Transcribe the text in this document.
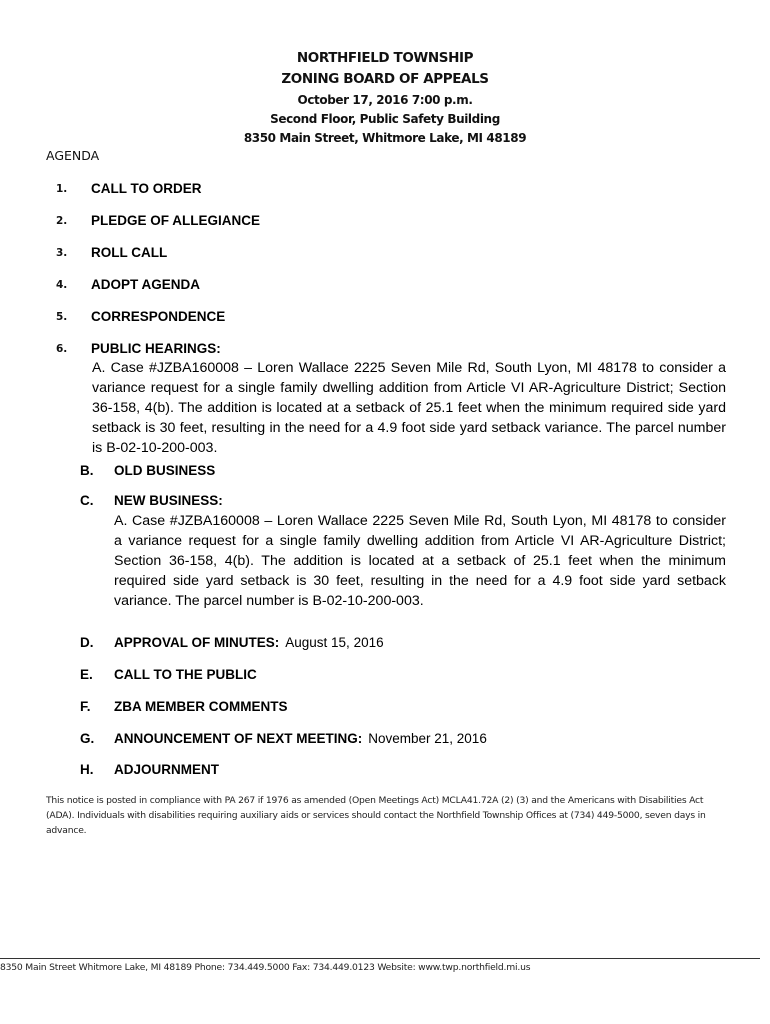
NORTHFIELD TOWNSHIP
ZONING BOARD OF APPEALS
October 17, 2016 7:00 p.m.
Second Floor, Public Safety Building
8350 Main Street, Whitmore Lake, MI 48189
AGENDA
1. CALL TO ORDER
2. PLEDGE OF ALLEGIANCE
3. ROLL CALL
4. ADOPT AGENDA
5. CORRESPONDENCE
6. PUBLIC HEARINGS:

A. Case #JZBA160008 – Loren Wallace 2225 Seven Mile Rd, South Lyon, MI 48178 to consider a variance request for a single family dwelling addition from Article VI AR-Agriculture District; Section 36-158, 4(b). The addition is located at a setback of 25.1 feet when the minimum required side yard setback is 30 feet, resulting in the need for a 4.9 foot side yard setback variance. The parcel number is B-02-10-200-003.

B. OLD BUSINESS
C. NEW BUSINESS:

A. Case #JZBA160008 – Loren Wallace 2225 Seven Mile Rd, South Lyon, MI 48178 to consider a variance request for a single family dwelling addition from Article VI AR-Agriculture District; Section 36-158, 4(b). The addition is located at a setback of 25.1 feet when the minimum required side yard setback is 30 feet, resulting in the need for a 4.9 foot side yard setback variance. The parcel number is B-02-10-200-003.

D. APPROVAL OF MINUTES: August 15, 2016
E. CALL TO THE PUBLIC
F. ZBA MEMBER COMMENTS
G. ANNOUNCEMENT OF NEXT MEETING: November 21, 2016
H. ADJOURNMENT

This notice is posted in compliance with PA 267 if 1976 as amended (Open Meetings Act) MCLA41.72A (2) (3) and the Americans with Disabilities Act (ADA). Individuals with disabilities requiring auxiliary aids or services should contact the Northfield Township Offices at (734) 449-5000, seven days in advance.

8350 Main Street Whitmore Lake, MI 48189 Phone: 734.449.5000 Fax: 734.449.0123 Website: www.twp.northfield.mi.us
